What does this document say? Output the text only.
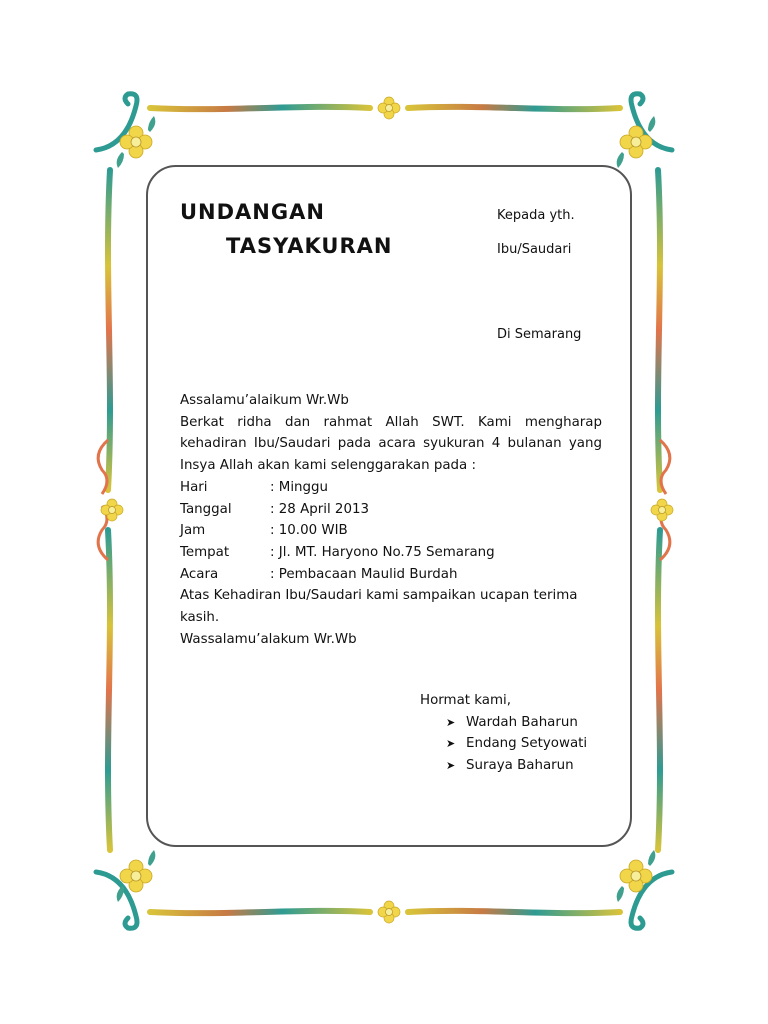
UNDANGAN
TASYAKURAN
Kepada yth.
Ibu/Saudari
Di Semarang
Assalamu’alaikum Wr.Wb
Berkat ridha dan rahmat Allah SWT. Kami mengharap kehadiran Ibu/Saudari pada acara syukuran 4 bulanan yang Insya Allah akan kami selenggarakan pada :
Hari	: Minggu
Tanggal	: 28 April 2013
Jam	: 10.00 WIB
Tempat	: Jl. MT. Haryono No.75 Semarang
Acara	: Pembacaan Maulid Burdah
Atas Kehadiran Ibu/Saudari kami sampaikan ucapan terima kasih.
Wassalamu’alakum Wr.Wb
Hormat kami,
➤ Wardah Baharun
➤ Endang Setyowati
➤ Suraya Baharun
